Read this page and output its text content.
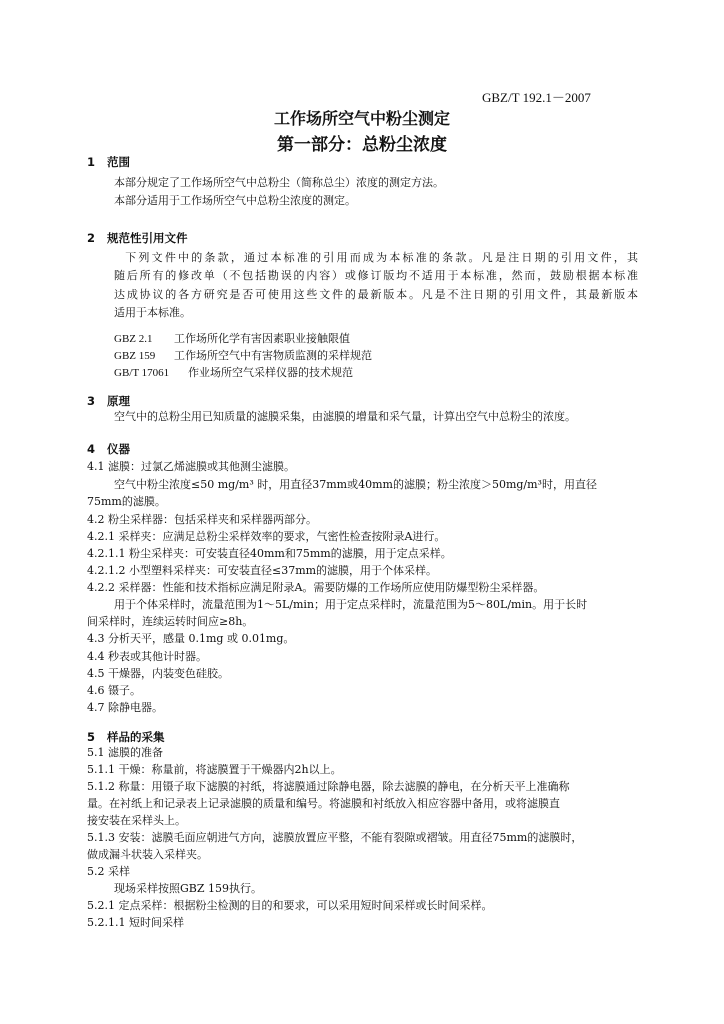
GBZ/T 192.1－2007
工作场所空气中粉尘测定
第一部分：总粉尘浓度
1 范围
本部分规定了工作场所空气中总粉尘（简称总尘）浓度的测定方法。
本部分适用于工作场所空气中总粉尘浓度的测定。
2 规范性引用文件
下列文件中的条款，通过本标准的引用而成为本标准的条款。凡是注日期的引用文件，其
随后所有的修改单（不包括勘误的内容）或修订版均不适用于本标准，然而，鼓励根据本标准
达成协议的各方研究是否可使用这些文件的最新版本。凡是不注日期的引用文件，其最新版本
适用于本标准。
GBZ 2.1 工作场所化学有害因素职业接触限值
GBZ 159 工作场所空气中有害物质监测的采样规范
GB/T 17061 作业场所空气采样仪器的技术规范
3 原理
空气中的总粉尘用已知质量的滤膜采集，由滤膜的增量和采气量，计算出空气中总粉尘的浓度。
4 仪器
4.1 滤膜：过氯乙烯滤膜或其他测尘滤膜。
空气中粉尘浓度≤50 mg/m³ 时，用直径37mm或40mm的滤膜；粉尘浓度＞50mg/m³时，用直径
75mm的滤膜。
4.2 粉尘采样器：包括采样夹和采样器两部分。
4.2.1 采样夹：应满足总粉尘采样效率的要求，气密性检查按附录A进行。
4.2.1.1 粉尘采样夹：可安装直径40mm和75mm的滤膜，用于定点采样。
4.2.1.2 小型塑料采样夹：可安装直径≤37mm的滤膜，用于个体采样。
4.2.2 采样器：性能和技术指标应满足附录A。需要防爆的工作场所应使用防爆型粉尘采样器。
用于个体采样时，流量范围为1～5L/min；用于定点采样时，流量范围为5～80L/min。用于长时
间采样时，连续运转时间应≥8h。
4.3 分析天平，感量 0.1mg 或 0.01mg。
4.4 秒表或其他计时器。
4.5 干燥器，内装变色硅胶。
4.6 镊子。
4.7 除静电器。
5 样品的采集
5.1 滤膜的准备
5.1.1 干燥：称量前，将滤膜置于干燥器内2h以上。
5.1.2 称量：用镊子取下滤膜的衬纸，将滤膜通过除静电器，除去滤膜的静电，在分析天平上准确称
量。在衬纸上和记录表上记录滤膜的质量和编号。将滤膜和衬纸放入相应容器中备用，或将滤膜直
接安装在采样头上。
5.1.3 安装：滤膜毛面应朝进气方向，滤膜放置应平整，不能有裂隙或褶皱。用直径75mm的滤膜时，
做成漏斗状装入采样夹。
5.2 采样
现场采样按照GBZ 159执行。
5.2.1 定点采样：根据粉尘检测的目的和要求，可以采用短时间采样或长时间采样。
5.2.1.1 短时间采样
